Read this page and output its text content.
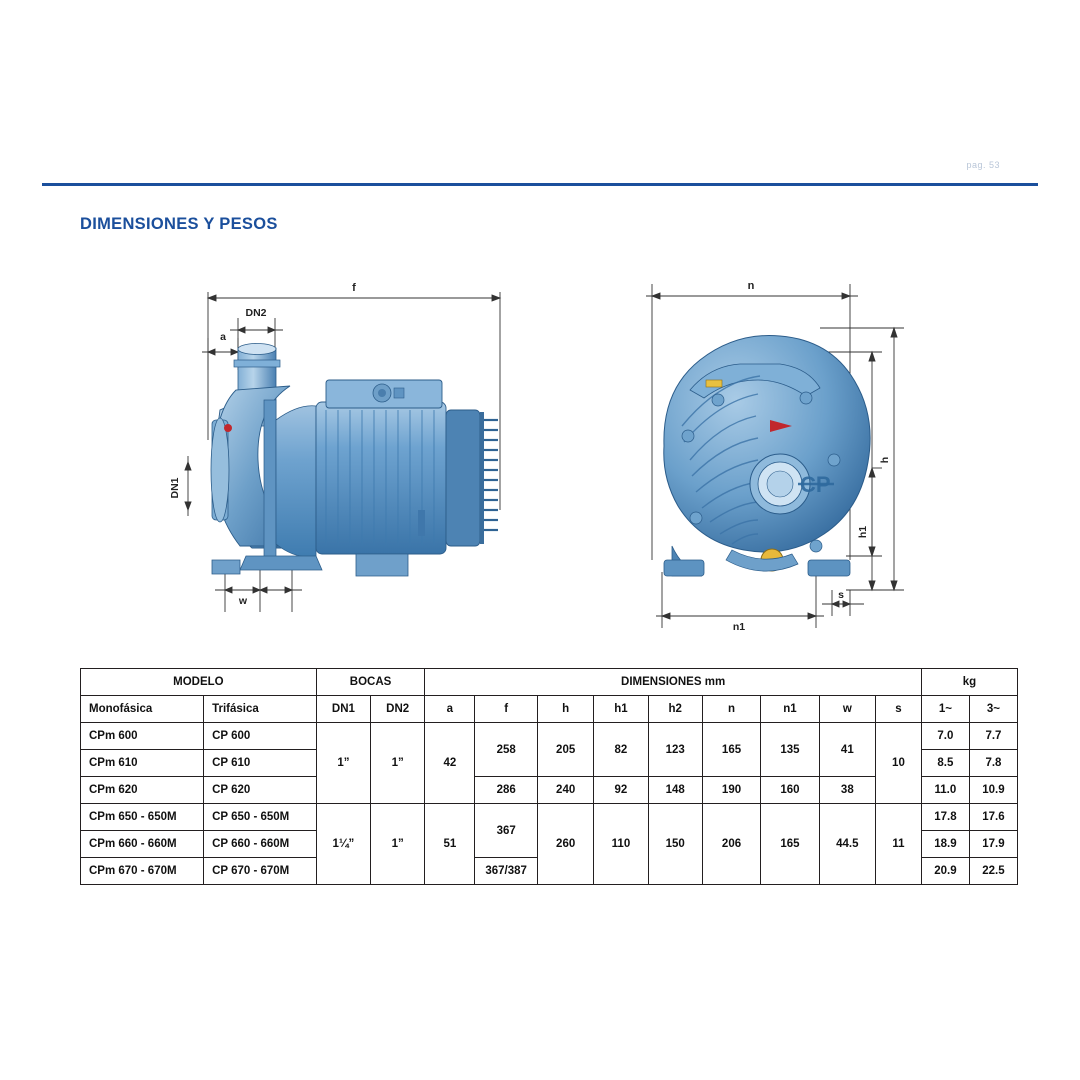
pag. 53
DIMENSIONES Y PESOS
f
DN2
a
DN1
w
n
h
h1
n1
s
CP
MODELO		BOCAS		DIMENSIONES mm									kg	
Monofásica	Trifásica	DN1	DN2	a	f	h	h1	h2	n	n1	w	s	1~	3~
CPm 600	CP 600	1”	1”	42	258	205	82	123	165	135	41	10	7.0	7.7
CPm 610	CP 610												8.5	7.8
CPm 620	CP 620				286	240	92	148	190	160	38		11.0	10.9
CPm 650 - 650M	CP 650 - 650M	1¼”	1”	51	367	260	110	150	206	165	44.5	11	17.8	17.6
CPm 660 - 660M	CP 660 - 660M												18.9	17.9
CPm 670 - 670M	CP 670 - 670M				367/387								20.9	22.5
